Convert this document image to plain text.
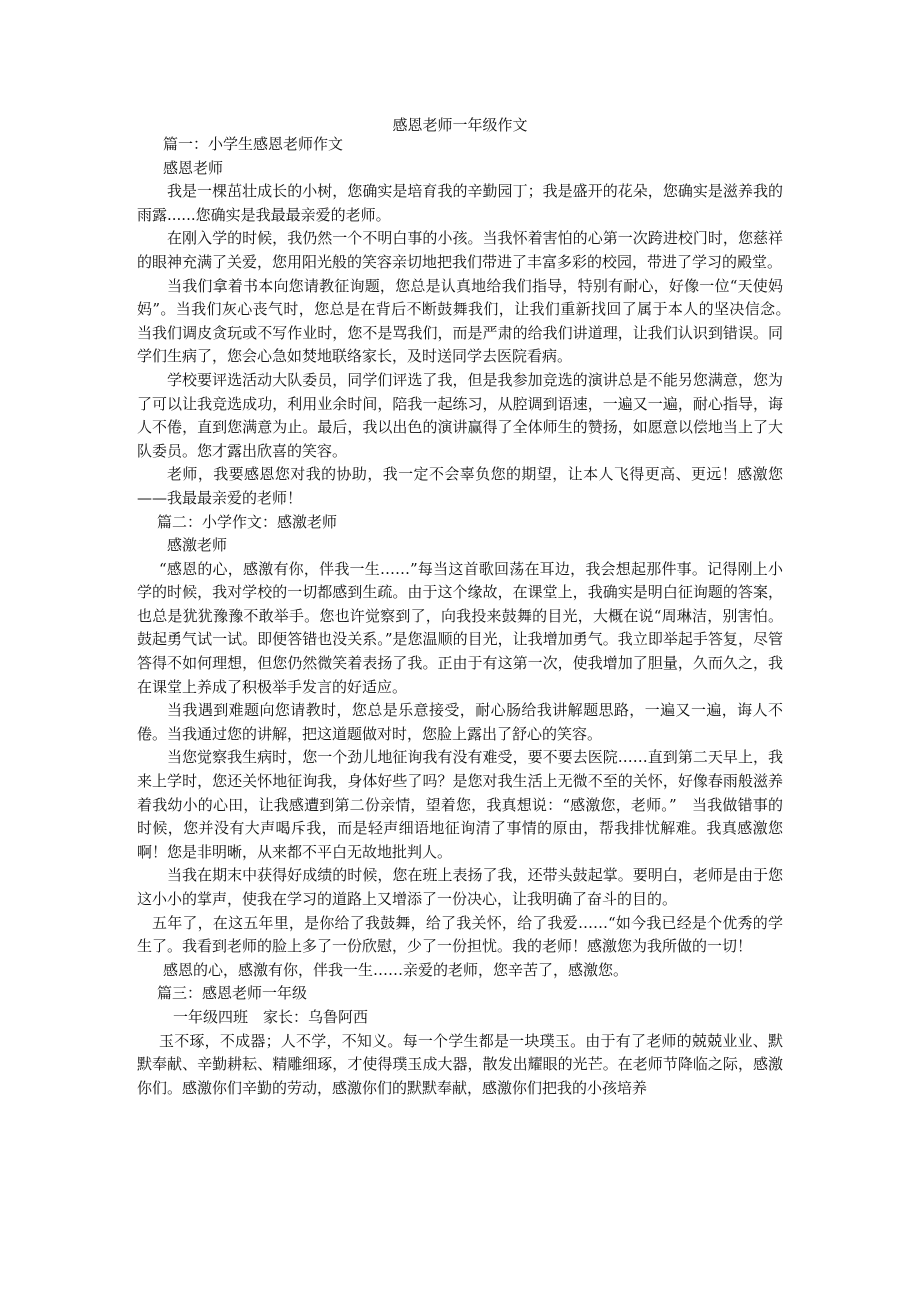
感恩老师一年级作文

篇一：小学生感恩老师作文

感恩老师

我是一棵茁壮成长的小树，您确实是培育我的辛勤园丁；我是盛开的花朵，您确实是滋养我的雨露......您确实是我最最亲爱的老师。

在刚入学的时候，我仍然一个不明白事的小孩。当我怀着害怕的心第一次跨进校门时，您慈祥的眼神充满了关爱，您用阳光般的笑容亲切地把我们带进了丰富多彩的校园，带进了学习的殿堂。

当我们拿着书本向您请教征询题，您总是认真地给我们指导，特别有耐心，好像一位“天使妈妈”。当我们灰心丧气时，您总是在背后不断鼓舞我们，让我们重新找回了属于本人的坚决信念。　当我们调皮贪玩或不写作业时，您不是骂我们，而是严肃的给我们讲道理，让我们认识到错误。同学们生病了，您会心急如焚地联络家长，及时送同学去医院看病。

学校要评选活动大队委员，同学们评选了我，但是我参加竞选的演讲总是不能另您满意，您为了可以让我竞选成功，利用业余时间，陪我一起练习，从腔调到语速，一遍又一遍，耐心指导，诲人不倦，直到您满意为止。最后，我以出色的演讲赢得了全体师生的赞扬，如愿意以偿地当上了大队委员。您才露出欣喜的笑容。

老师，我要感恩您对我的协助，我一定不会辜负您的期望，让本人飞得更高、更远！感激您——我最最亲爱的老师！

篇二：小学作文：感激老师

感激老师

“感恩的心，感激有你，伴我一生……”每当这首歌回荡在耳边，我会想起那件事。记得刚上小学的时候，我对学校的一切都感到生疏。由于这个缘故，在课堂上，我确实是明白征询题的答案，也总是犹犹豫豫不敢举手。您也许觉察到了，向我投来鼓舞的目光，大概在说“周琳洁，别害怕。鼓起勇气试一试。即便答错也没关系。”是您温顺的目光，让我增加勇气。我立即举起手答复，尽管答得不如何理想，但您仍然微笑着表扬了我。正由于有这第一次，使我增加了胆量，久而久之，我在课堂上养成了积极举手发言的好适应。

当我遇到难题向您请教时，您总是乐意接受，耐心肠给我讲解题思路，一遍又一遍，诲人不倦。当我通过您的讲解，把这道题做对时，您脸上露出了舒心的笑容。

当您觉察我生病时，您一个劲儿地征询我有没有难受，要不要去医院……直到第二天早上，我来上学时，您还关怀地征询我，身体好些了吗？是您对我生活上无微不至的关怀，好像春雨般滋养着我幼小的心田，让我感遭到第二份亲情，望着您，我真想说：“感激您，老师。”　当我做错事的时候，您并没有大声喝斥我，而是轻声细语地征询清了事情的原由，帮我排忧解难。我真感激您啊！您是非明晰，从来都不平白无故地批判人。

当我在期末中获得好成绩的时候，您在班上表扬了我，还带头鼓起掌。要明白，老师是由于您这小小的掌声，使我在学习的道路上又增添了一份决心，让我明确了奋斗的目的。

五年了，在这五年里，是你给了我鼓舞，给了我关怀，给了我爱……“如今我已经是个优秀的学生了。我看到老师的脸上多了一份欣慰，少了一份担忧。我的老师！感激您为我所做的一切！

感恩的心，感激有你，伴我一生……亲爱的老师，您辛苦了，感激您。

篇三：感恩老师一年级

一年级四班　家长：乌鲁阿西

玉不琢，不成器；人不学，不知义。每一个学生都是一块璞玉。由于有了老师的兢兢业业、默默奉献、辛勤耕耘、精雕细琢，才使得璞玉成大器，散发出耀眼的光芒。在老师节降临之际，感激你们。感激你们辛勤的劳动，感激你们的默默奉献，感激你们把我的小孩培养
